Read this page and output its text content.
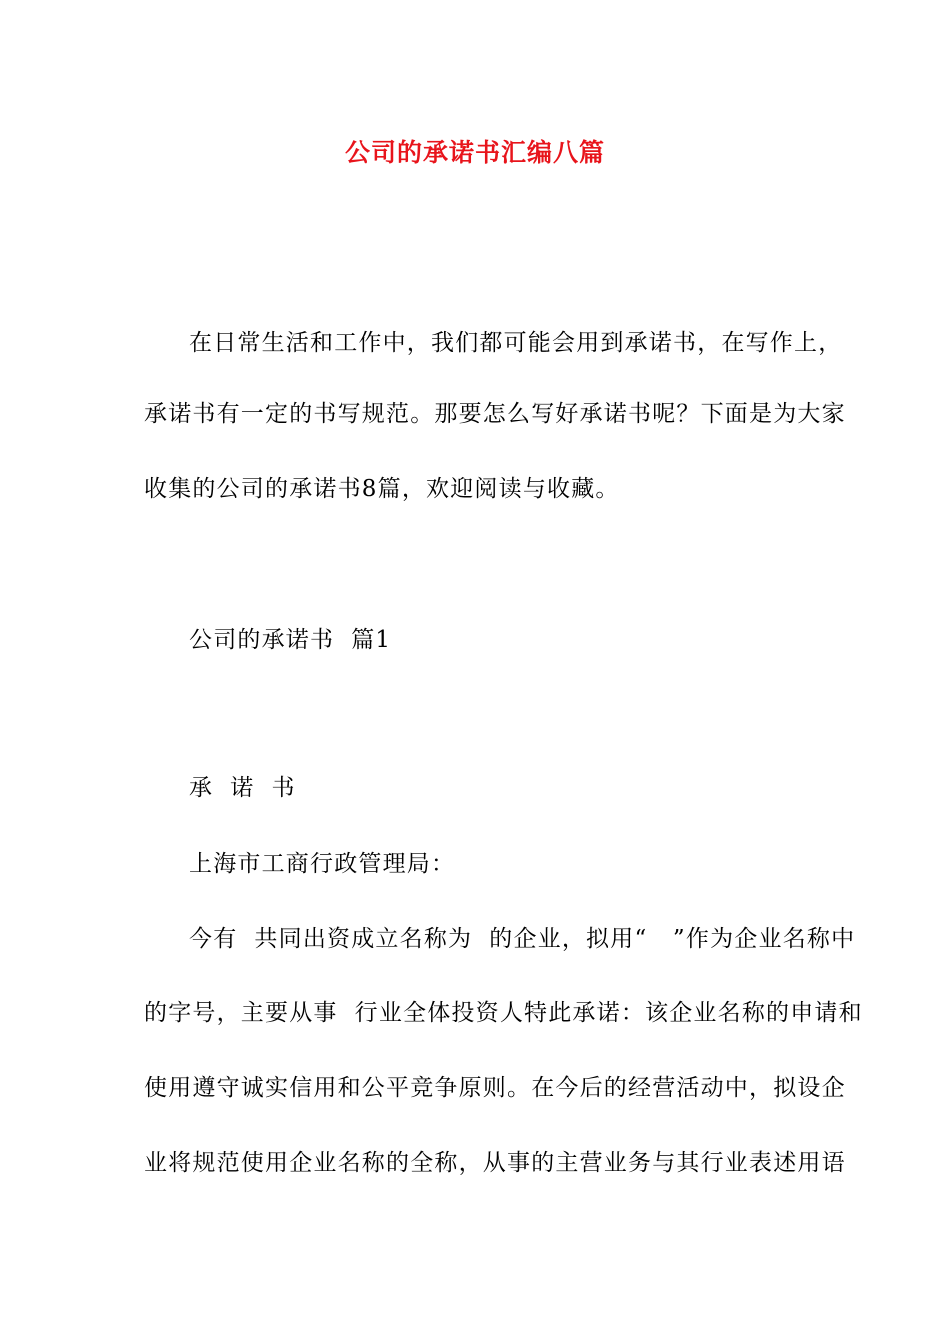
公司的承诺书汇编八篇
在日常生活和工作中，我们都可能会用到承诺书，在写作上，
承诺书有一定的书写规范。那要怎么写好承诺书呢？下面是为大家
收集的公司的承诺书8篇，欢迎阅读与收藏。
公司的承诺书  篇1
承  诺  书
上海市工商行政管理局：
今有  共同出资成立名称为  的企业，拟用“   ”作为企业名称中
的字号，主要从事  行业全体投资人特此承诺：该企业名称的申请和
使用遵守诚实信用和公平竞争原则。在今后的经营活动中，拟设企
业将规范使用企业名称的全称，从事的主营业务与其行业表述用语
